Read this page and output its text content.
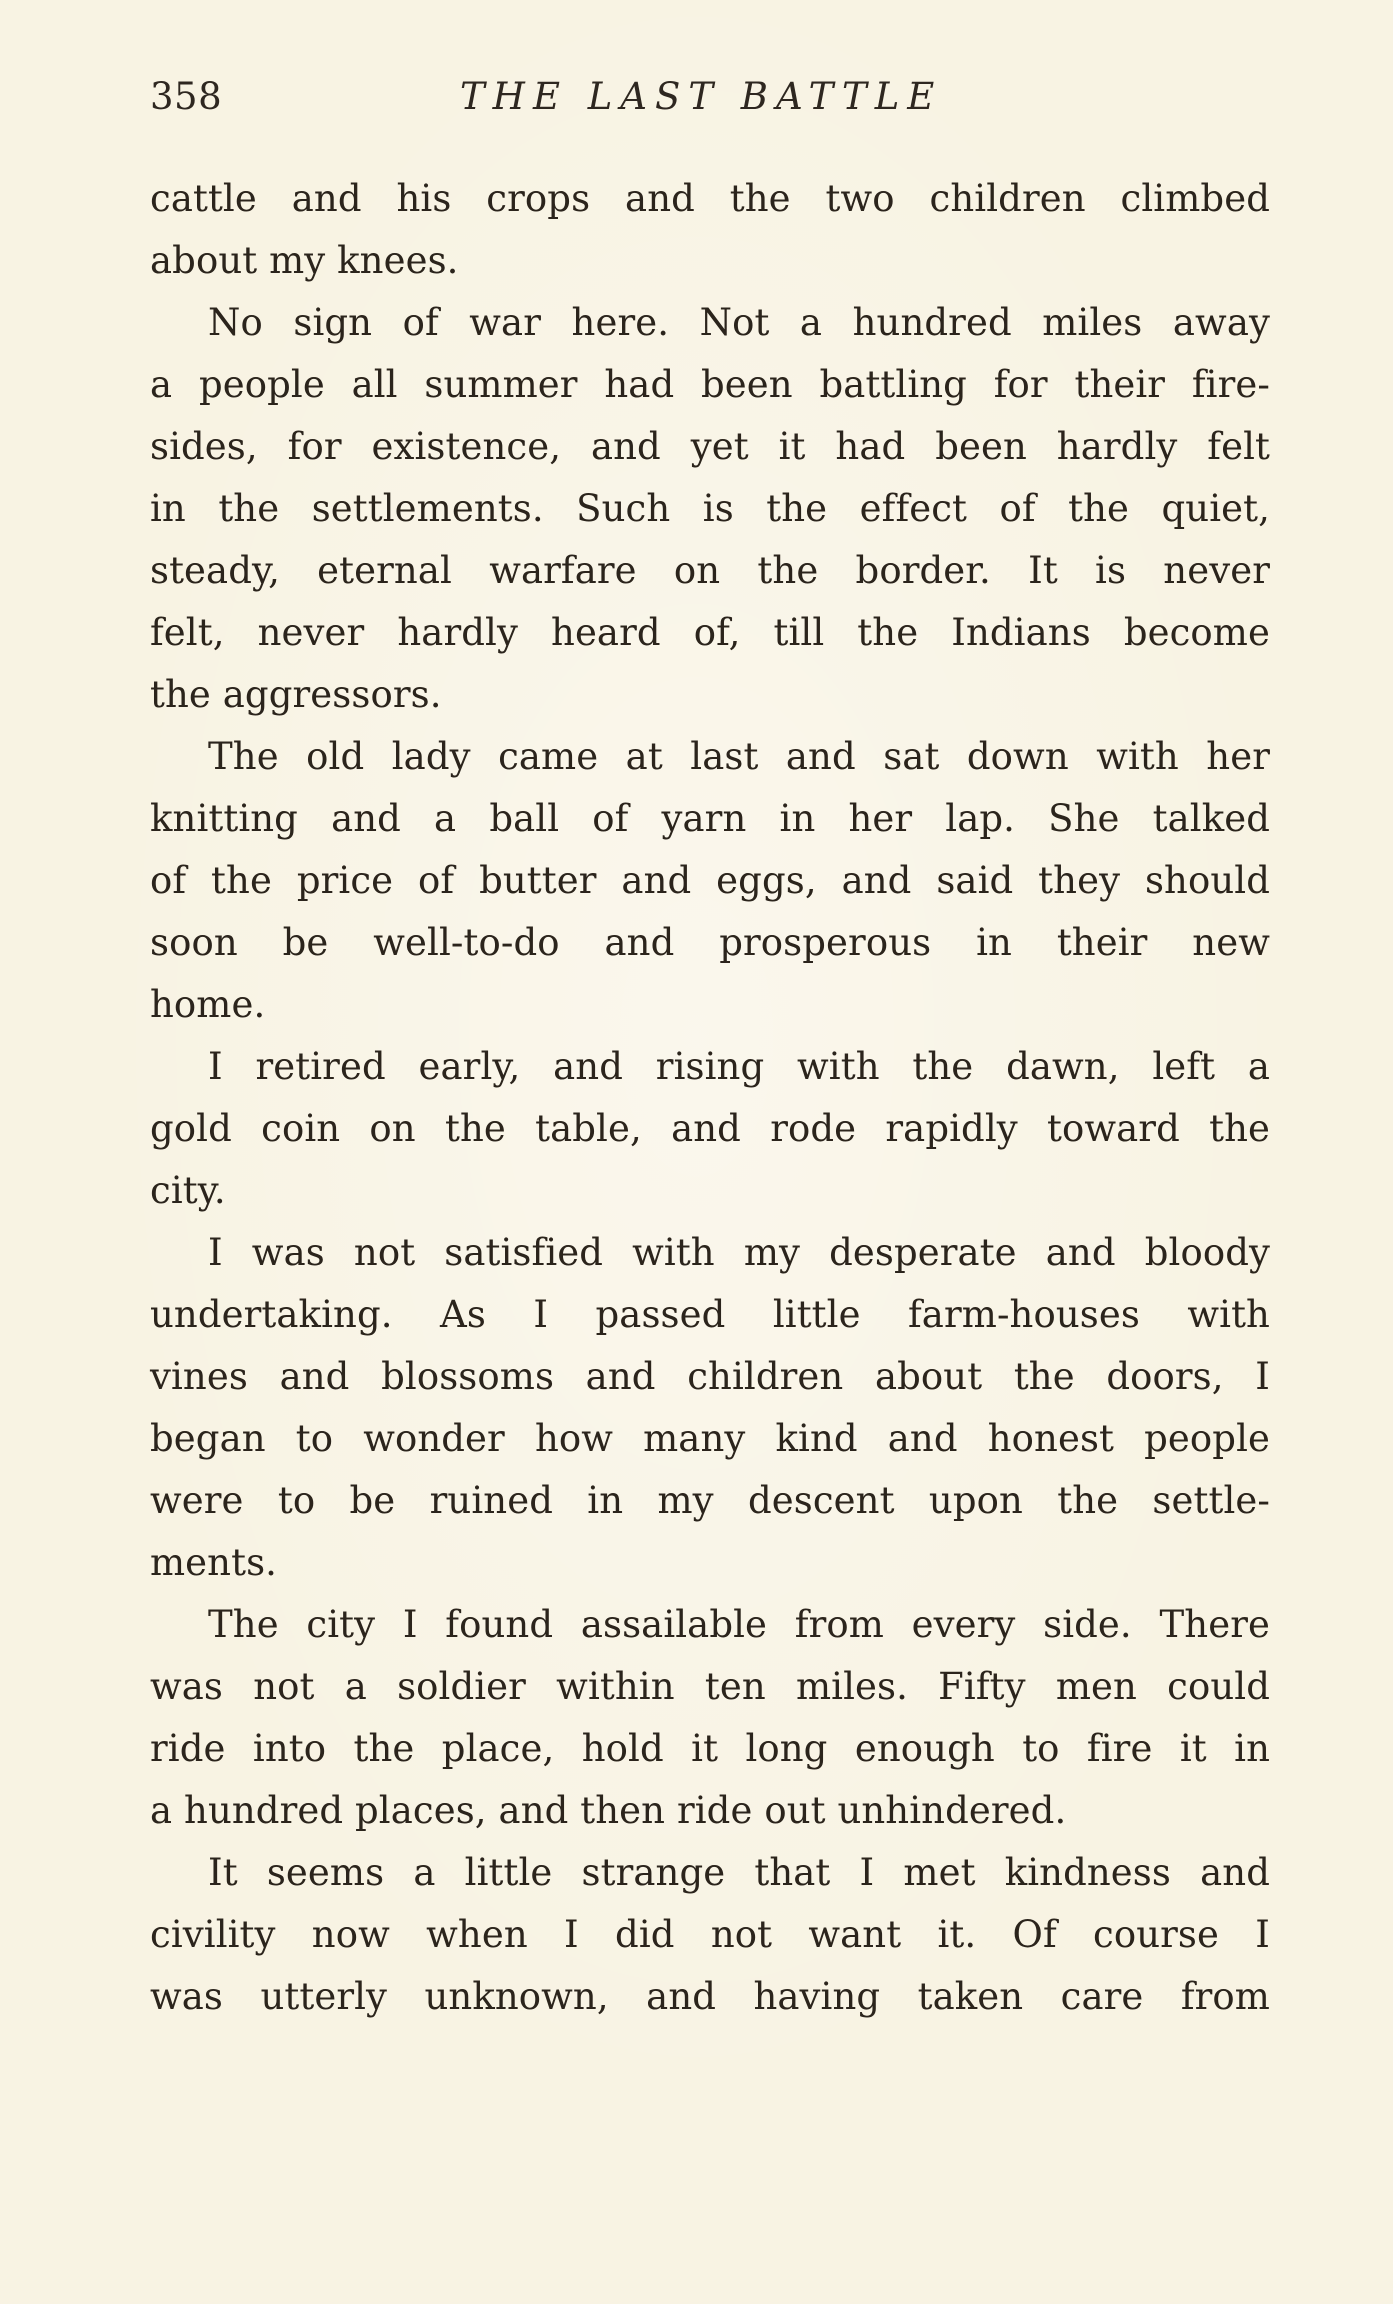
358	THE LAST BATTLE
cattle and his crops and the two children climbed
about my knees.
No sign of war here. Not a hundred miles away
a people all summer had been battling for their fire-
sides, for existence, and yet it had been hardly felt
in the settlements. Such is the effect of the quiet,
steady, eternal warfare on the border. It is never
felt, never hardly heard of, till the Indians become
the aggressors.
The old lady came at last and sat down with her
knitting and a ball of yarn in her lap. She talked
of the price of butter and eggs, and said they should
soon be well-to-do and prosperous in their new
home.
I retired early, and rising with the dawn, left a
gold coin on the table, and rode rapidly toward the
city.
I was not satisfied with my desperate and bloody
undertaking. As I passed little farm-houses with
vines and blossoms and children about the doors, I
began to wonder how many kind and honest people
were to be ruined in my descent upon the settle-
ments.
The city I found assailable from every side. There
was not a soldier within ten miles. Fifty men could
ride into the place, hold it long enough to fire it in
a hundred places, and then ride out unhindered.
It seems a little strange that I met kindness and
civility now when I did not want it. Of course I
was utterly unknown, and having taken care from
